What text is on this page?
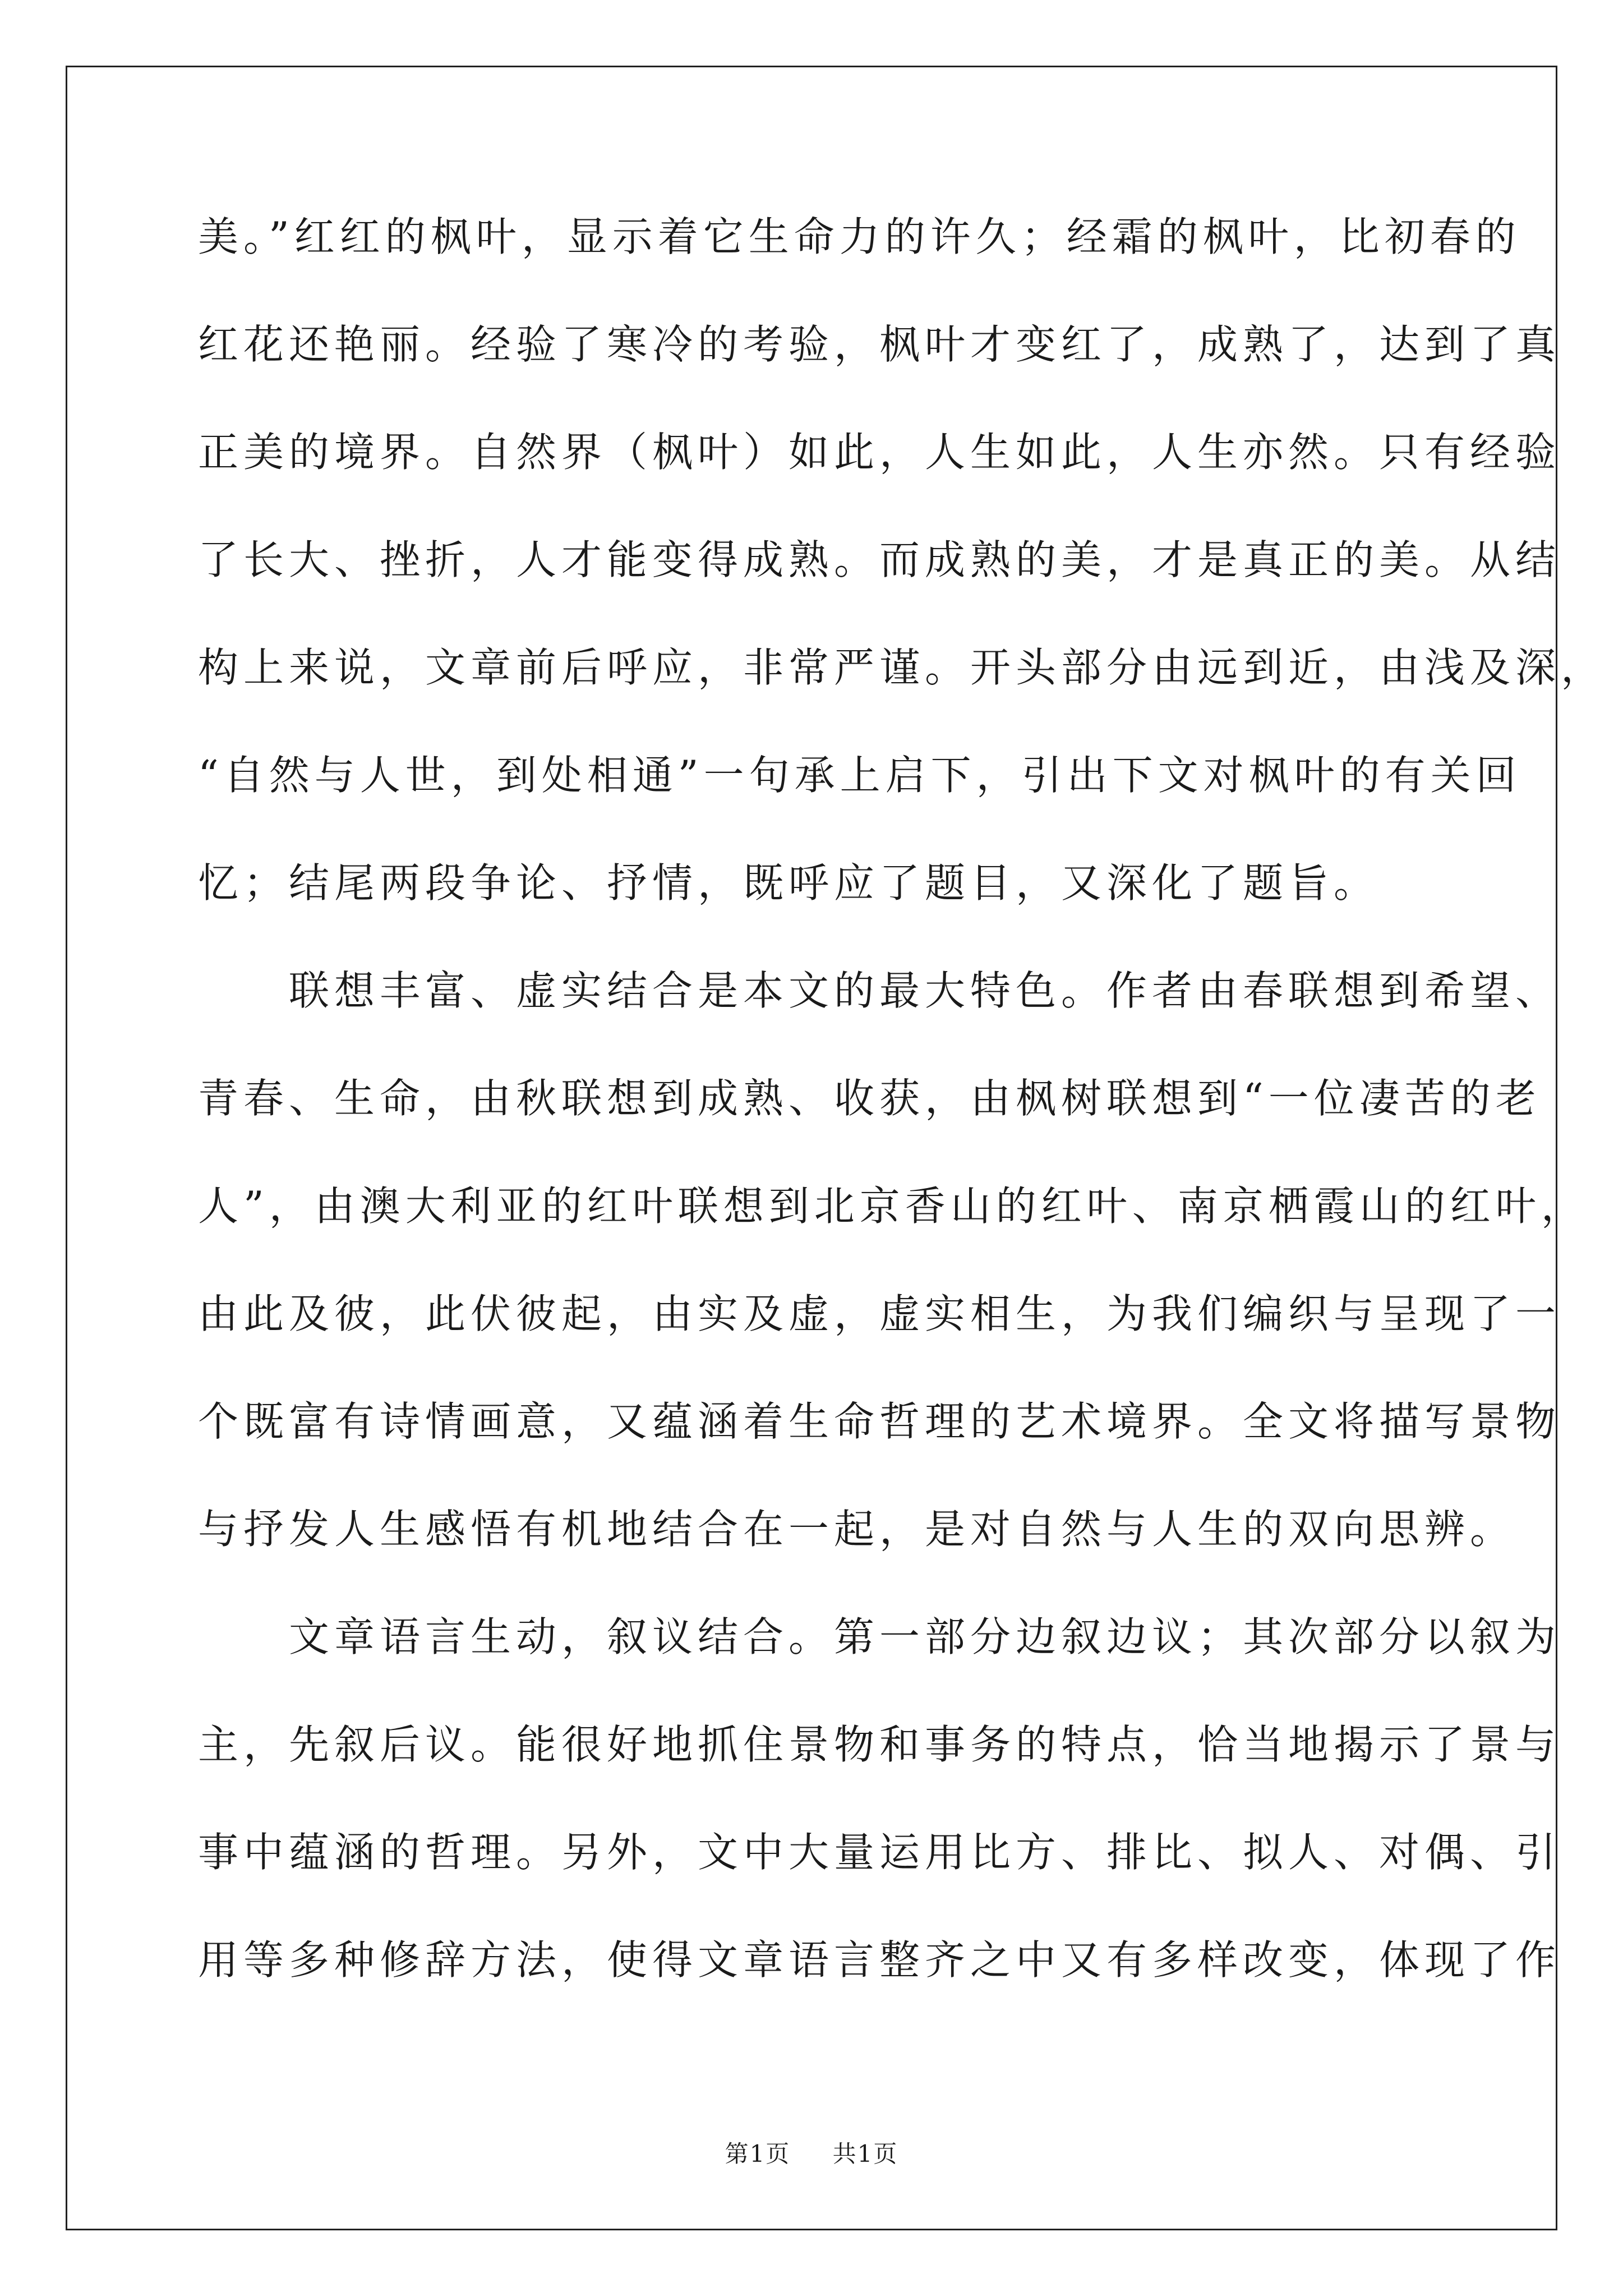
美。”红红的枫叶，显示着它生命力的许久；经霜的枫叶，比初春的
红花还艳丽。经验了寒冷的考验，枫叶才变红了，成熟了，达到了真
正美的境界。自然界（枫叶）如此，人生如此，人生亦然。只有经验
了长大、挫折，人才能变得成熟。而成熟的美，才是真正的美。从结
构上来说，文章前后呼应，非常严谨。开头部分由远到近，由浅及深，
“自然与人世，到处相通”一句承上启下，引出下文对枫叶的有关回
忆；结尾两段争论、抒情，既呼应了题目，又深化了题旨。
　　联想丰富、虚实结合是本文的最大特色。作者由春联想到希望、
青春、生命，由秋联想到成熟、收获，由枫树联想到“一位凄苦的老
人”，由澳大利亚的红叶联想到北京香山的红叶、南京栖霞山的红叶，
由此及彼，此伏彼起，由实及虚，虚实相生，为我们编织与呈现了一
个既富有诗情画意，又蕴涵着生命哲理的艺术境界。全文将描写景物
与抒发人生感悟有机地结合在一起，是对自然与人生的双向思辨。
　　文章语言生动，叙议结合。第一部分边叙边议；其次部分以叙为
主，先叙后议。能很好地抓住景物和事务的特点，恰当地揭示了景与
事中蕴涵的哲理。另外，文中大量运用比方、排比、拟人、对偶、引
用等多种修辞方法，使得文章语言整齐之中又有多样改变，体现了作
第1页 共1页
